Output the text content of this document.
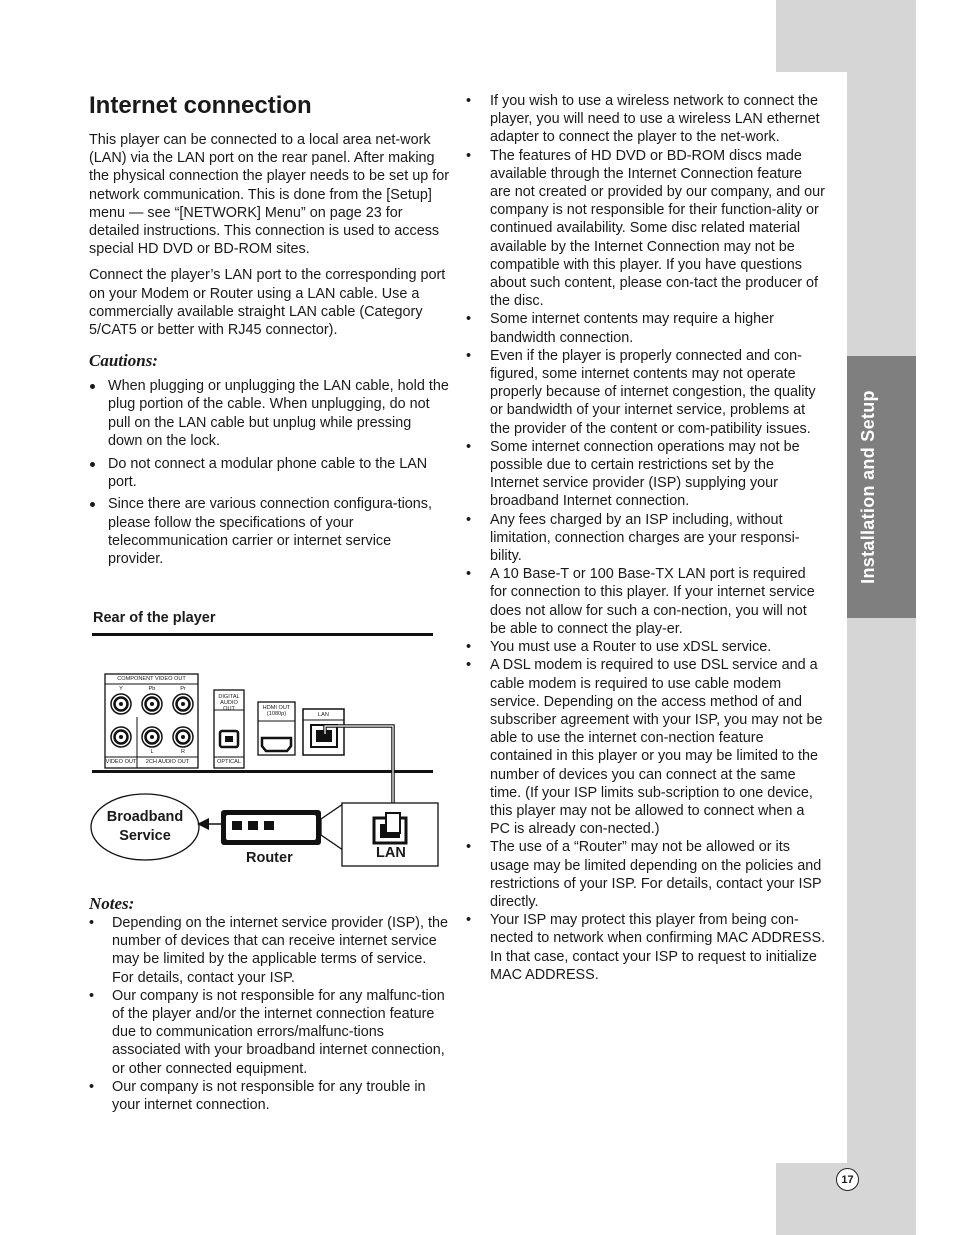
Installation and Setup
17
Internet connection

This player can be connected to a local area net-work (LAN) via the LAN port on the rear panel. After making the physical connection the player needs to be set up for network communication. This is done from the [Setup] menu — see “[NETWORK] Menu” on page 23 for detailed instructions. This connection is used to access special HD DVD or BD-ROM sites.

Connect the player’s LAN port to the corresponding port on your Modem or Router using a LAN cable. Use a commercially available straight LAN cable (Category 5/CAT5 or better with RJ45 connector).

Cautions:
When plugging or unplugging the LAN cable, hold the plug portion of the cable. When unplugging, do not pull on the LAN cable but unplug while pressing down on the lock.
Do not connect a modular phone cable to the LAN port.
Since there are various connection configura-tions, please follow the specifications of your telecommunication carrier or internet service provider.
Rear of the player
COMPONENT VIDEO OUT
Y	Pb	Pr
L	R
VIDEO OUT	2CH AUDIO OUT
DIGITAL AUDIO OUT
OPTICAL
HDMI OUT (1080p)	LAN
Broadband Service
Router	LAN
Notes:
• Depending on the internet service provider (ISP), the number of devices that can receive internet service may be limited by the applicable terms of service. For details, contact your ISP.
• Our company is not responsible for any malfunc-tion of the player and/or the internet connection feature due to communication errors/malfunc-tions associated with your broadband internet connection, or other connected equipment.
• Our company is not responsible for any trouble in your internet connection.
• If you wish to use a wireless network to connect the player, you will need to use a wireless LAN ethernet adapter to connect the player to the net-work.
• The features of HD DVD or BD-ROM discs made available through the Internet Connection feature are not created or provided by our company, and our company is not responsible for their function-ality or continued availability. Some disc related material available by the Internet Connection may not be compatible with this player. If you have questions about such content, please con-tact the producer of the disc.
• Some internet contents may require a higher bandwidth connection.
• Even if the player is properly connected and con-figured, some internet contents may not operate properly because of internet congestion, the quality or bandwidth of your internet service, problems at the provider of the content or com-patibility issues.
• Some internet connection operations may not be possible due to certain restrictions set by the Internet service provider (ISP) supplying your broadband Internet connection.
• Any fees charged by an ISP including, without limitation, connection charges are your responsi-bility.
• A 10 Base-T or 100 Base-TX LAN port is required for connection to this player. If your internet service does not allow for such a con-nection, you will not be able to connect the play-er.
• You must use a Router to use xDSL service.
• A DSL modem is required to use DSL service and a cable modem is required to use cable modem service. Depending on the access method of and subscriber agreement with your ISP, you may not be able to use the internet con-nection feature contained in this player or you may be limited to the number of devices you can connect at the same time. (If your ISP limits sub-scription to one device, this player may not be allowed to connect when a PC is already con-nected.)
• The use of a “Router” may not be allowed or its usage may be limited depending on the policies and restrictions of your ISP. For details, contact your ISP directly.
• Your ISP may protect this player from being con-nected to network when confirming MAC ADDRESS. In that case, contact your ISP to request to initialize MAC ADDRESS.
